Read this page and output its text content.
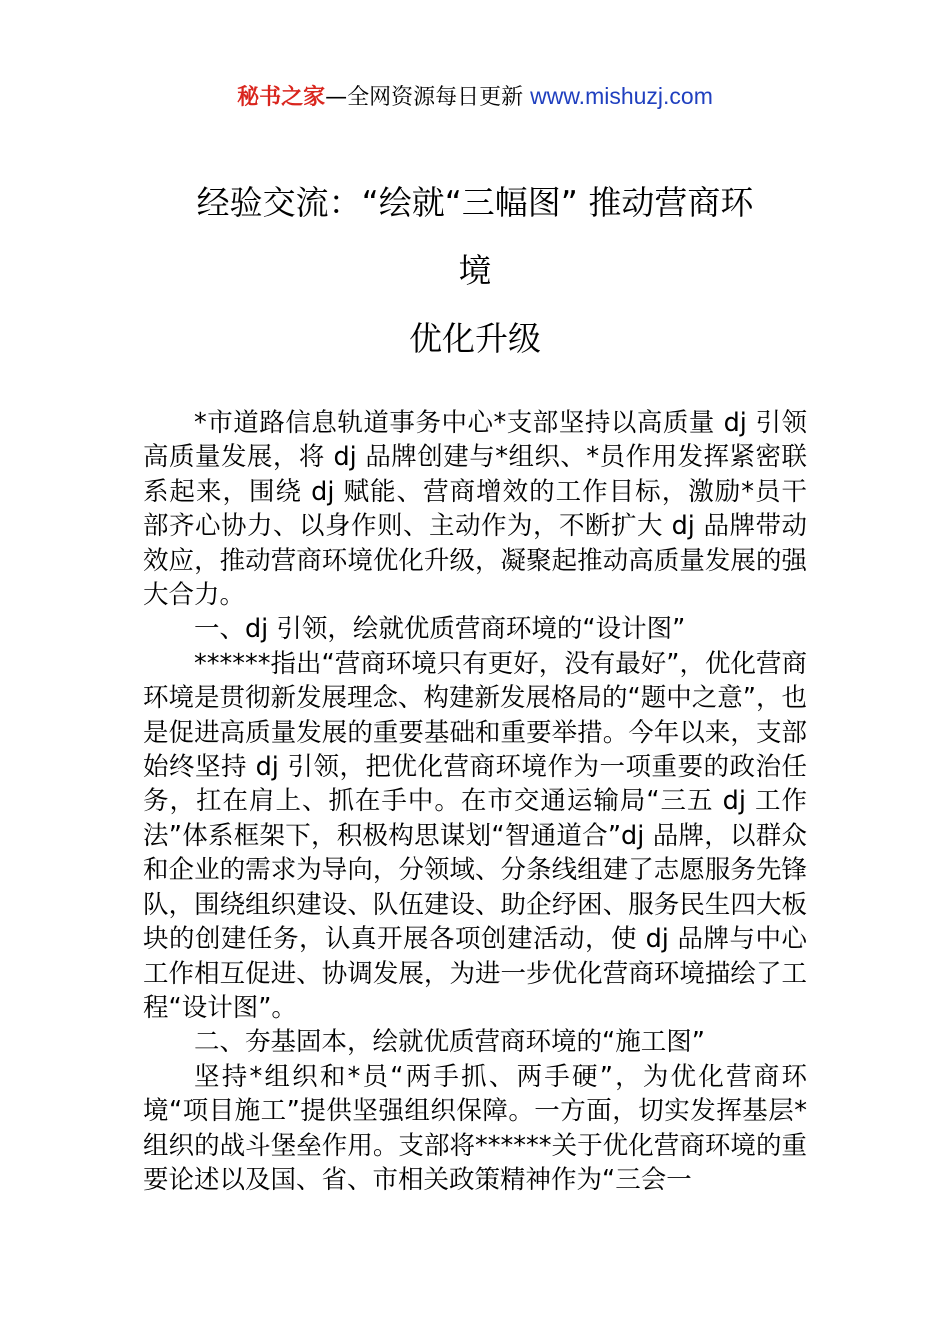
秘书之家—全网资源每日更新 www.mishuzj.com
经验交流：“绘就“三幅图” 推动营商环
境
优化升级

*市道路信息轨道事务中心*支部坚持以高质量 dj 引领高质量发展，将 dj 品牌创建与*组织、*员作用发挥紧密联系起来，围绕 dj 赋能、营商增效的工作目标，激励*员干部齐心协力、以身作则、主动作为，不断扩大 dj 品牌带动效应，推动营商环境优化升级，凝聚起推动高质量发展的强大合力。

一、dj 引领，绘就优质营商环境的“设计图”

******指出“营商环境只有更好，没有最好”，优化营商环境是贯彻新发展理念、构建新发展格局的“题中之意”，也是促进高质量发展的重要基础和重要举措。今年以来，支部始终坚持 dj 引领，把优化营商环境作为一项重要的政治任务，扛在肩上、抓在手中。在市交通运输局“三五 dj 工作法”体系框架下，积极构思谋划“智通道合”dj 品牌，以群众和企业的需求为导向，分领域、分条线组建了志愿服务先锋队，围绕组织建设、队伍建设、助企纾困、服务民生四大板块的创建任务，认真开展各项创建活动，使 dj 品牌与中心工作相互促进、协调发展，为进一步优化营商环境描绘了工程“设计图”。

二、夯基固本，绘就优质营商环境的“施工图”

坚持*组织和*员“两手抓、两手硬”，为优化营商环境“项目施工”提供坚强组织保障。一方面，切实发挥基层*组织的战斗堡垒作用。支部将******关于优化营商环境的重要论述以及国、省、市相关政策精神作为“三会一
